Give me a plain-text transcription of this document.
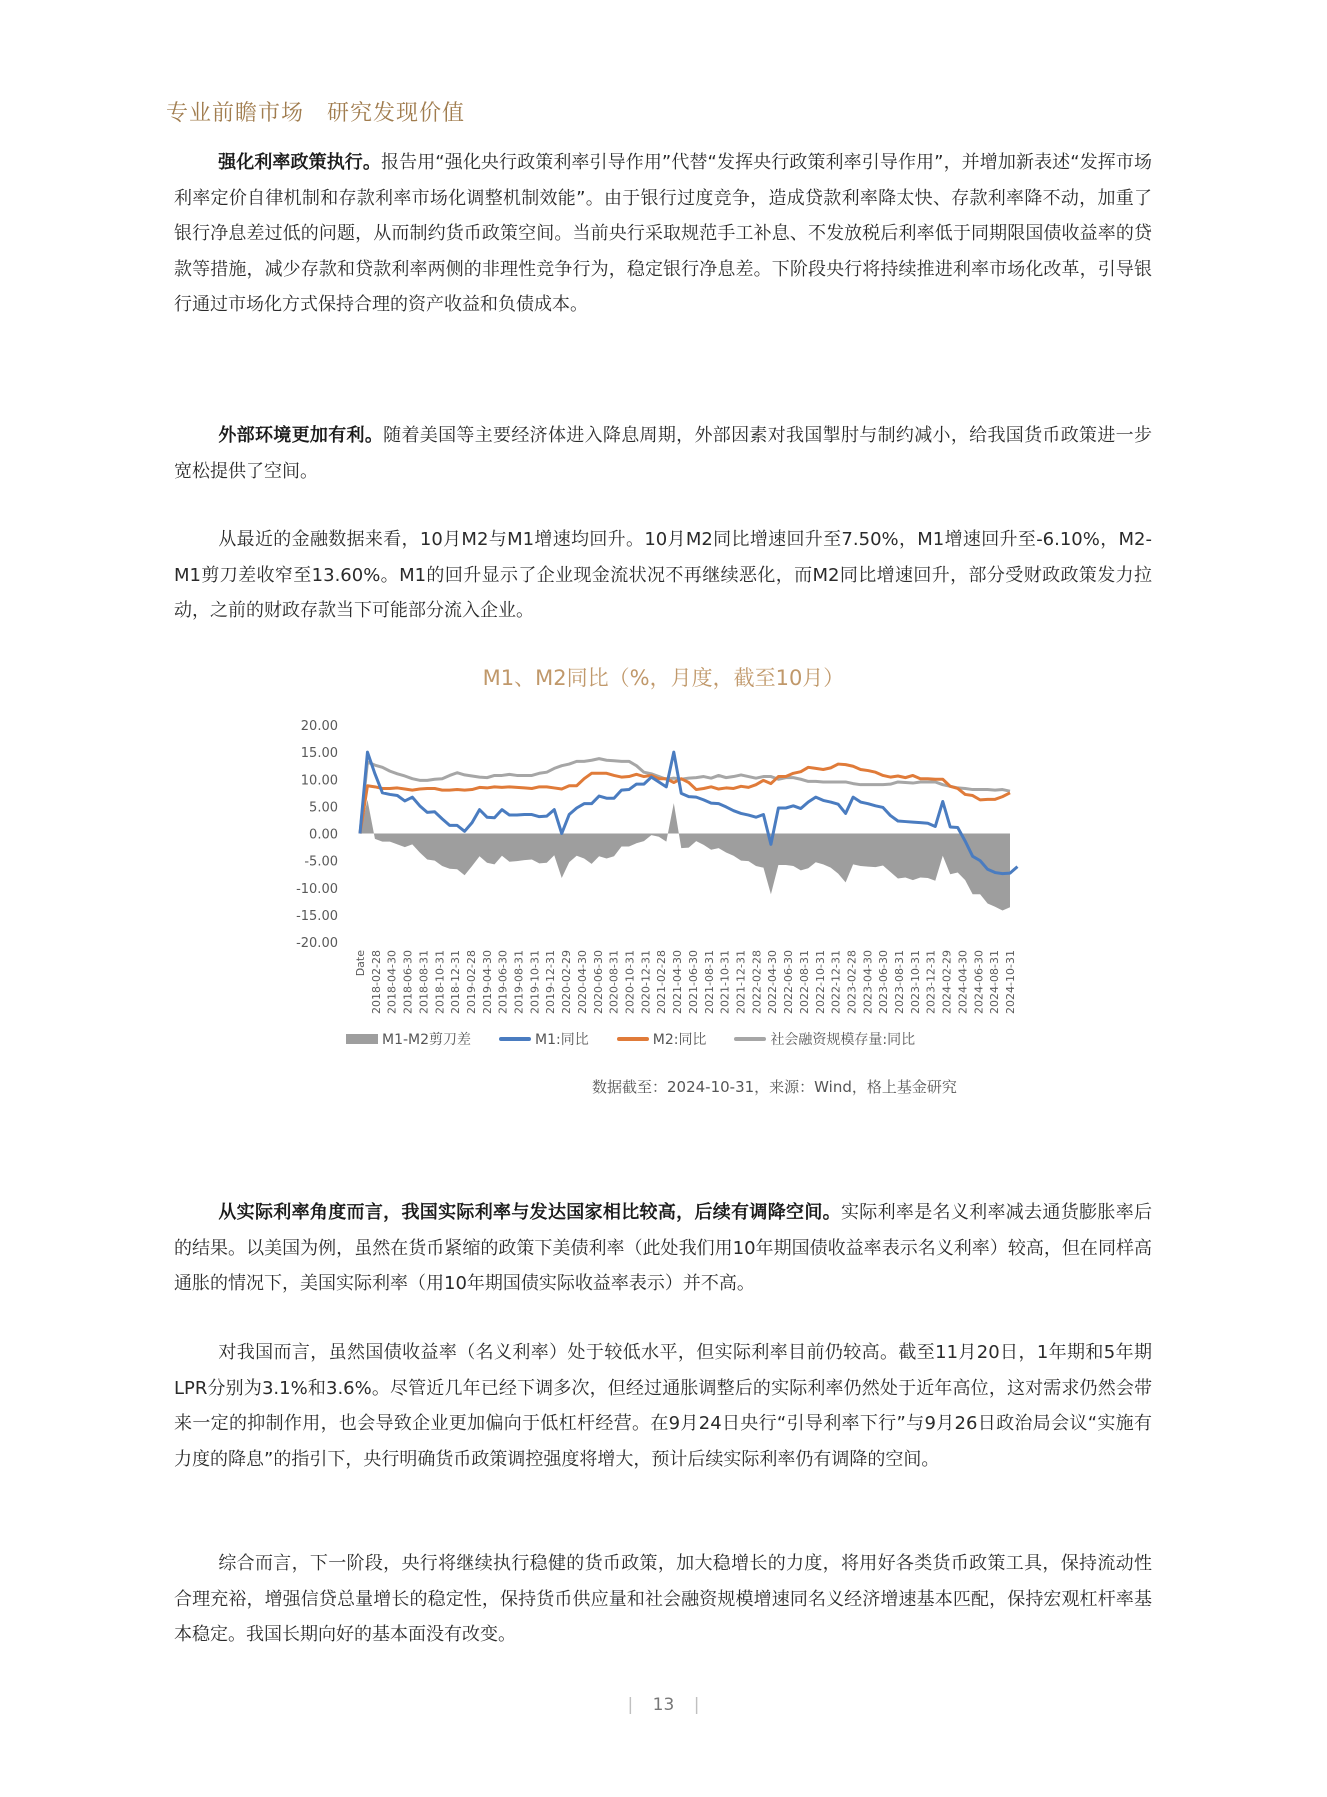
专业前瞻市场　研究发现价值

强化利率政策执行。报告用“强化央行政策利率引导作用”代替“发挥央行政策利率引导作用”，并增加新表述“发挥市场利率定价自律机制和存款利率市场化调整机制效能”。由于银行过度竞争，造成贷款利率降太快、存款利率降不动，加重了银行净息差过低的问题，从而制约货币政策空间。当前央行采取规范手工补息、不发放税后利率低于同期限国债收益率的贷款等措施，减少存款和贷款利率两侧的非理性竞争行为，稳定银行净息差。下阶段央行将持续推进利率市场化改革，引导银行通过市场化方式保持合理的资产收益和负债成本。

外部环境更加有利。随着美国等主要经济体进入降息周期，外部因素对我国掣肘与制约减小，给我国货币政策进一步宽松提供了空间。

从最近的金融数据来看，10月M2与M1增速均回升。10月M2同比增速回升至7.50%，M1增速回升至-6.10%，M2-M1剪刀差收窄至13.60%。M1的回升显示了企业现金流状况不再继续恶化，而M2同比增速回升，部分受财政政策发力拉动，之前的财政存款当下可能部分流入企业。

M1、M2同比（%，月度，截至10月）
20.00
15.00
10.00
5.00
0.00
-5.00
-10.00
-15.00
-20.00
Date 2018-02-28 2018-04-30 2018-06-30 2018-08-31 2018-10-31 2018-12-31 2019-02-28 2019-04-30 2019-06-30 2019-08-31 2019-10-31 2019-12-31 2020-02-29 2020-04-30 2020-06-30 2020-08-31 2020-10-31 2020-12-31 2021-02-28 2021-04-30 2021-06-30 2021-08-31 2021-10-31 2021-12-31 2022-02-28 2022-04-30 2022-06-30 2022-08-31 2022-10-31 2022-12-31 2023-02-28 2023-04-30 2023-06-30 2023-08-31 2023-10-31 2023-12-31 2024-02-29 2024-04-30 2024-06-30 2024-08-31 2024-10-31
M1-M2剪刀差	M1:同比	M2:同比	社会融资规模存量:同比
数据截至：2024-10-31，来源：Wind，格上基金研究

从实际利率角度而言，我国实际利率与发达国家相比较高，后续有调降空间。实际利率是名义利率减去通货膨胀率后的结果。以美国为例，虽然在货币紧缩的政策下美债利率（此处我们用10年期国债收益率表示名义利率）较高，但在同样高通胀的情况下，美国实际利率（用10年期国债实际收益率表示）并不高。

对我国而言，虽然国债收益率（名义利率）处于较低水平，但实际利率目前仍较高。截至11月20日，1年期和5年期LPR分别为3.1%和3.6%。尽管近几年已经下调多次，但经过通胀调整后的实际利率仍然处于近年高位，这对需求仍然会带来一定的抑制作用，也会导致企业更加偏向于低杠杆经营。在9月24日央行“引导利率下行”与9月26日政治局会议“实施有力度的降息”的指引下，央行明确货币政策调控强度将增大，预计后续实际利率仍有调降的空间。

综合而言，下一阶段，央行将继续执行稳健的货币政策，加大稳增长的力度，将用好各类货币政策工具，保持流动性合理充裕，增强信贷总量增长的稳定性，保持货币供应量和社会融资规模增速同名义经济增速基本匹配，保持宏观杠杆率基本稳定。我国长期向好的基本面没有改变。

| 13 |
